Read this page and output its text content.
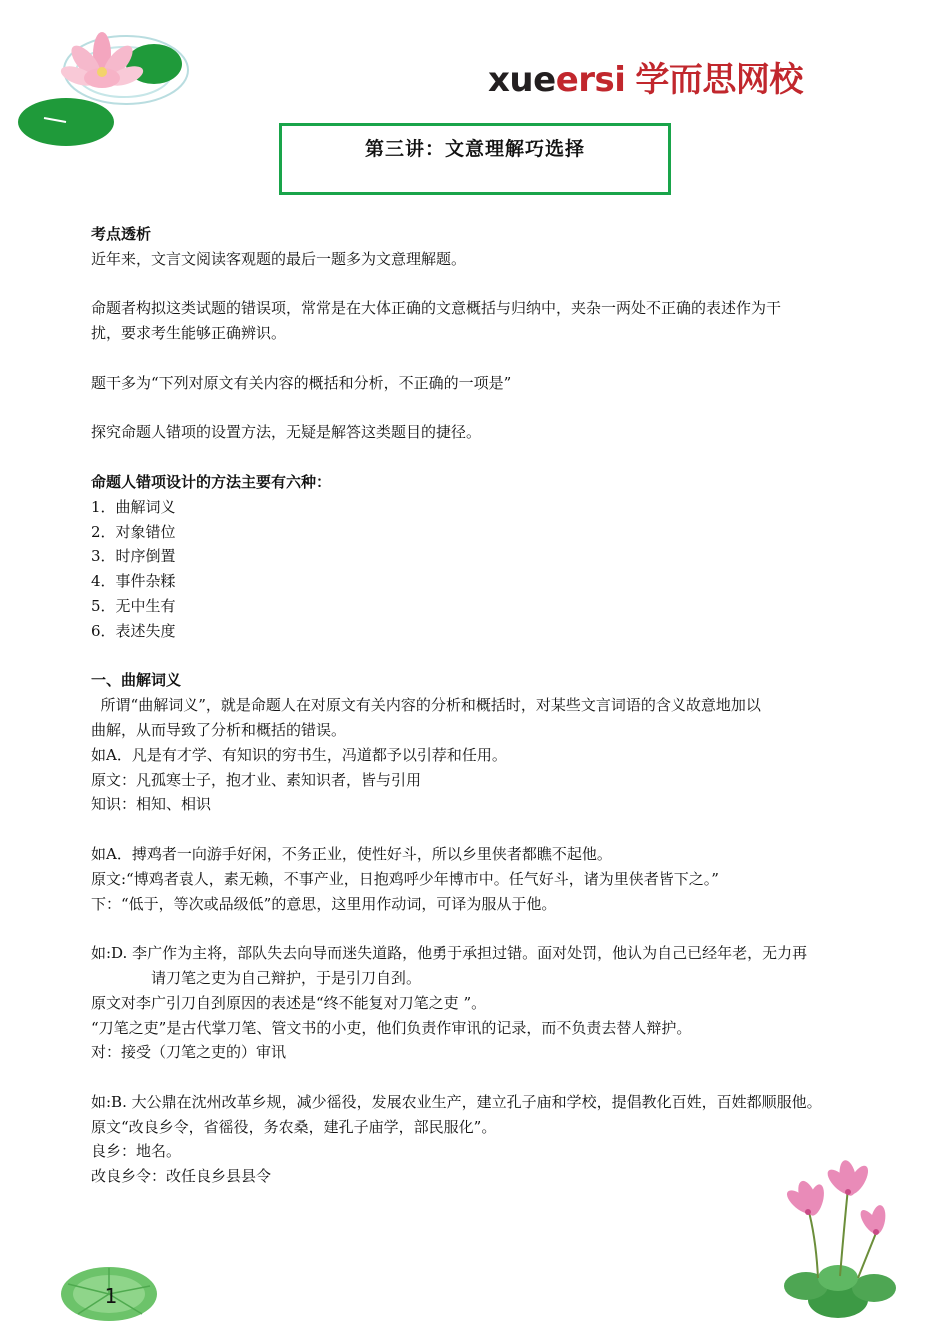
xueersi 学而思网校
第三讲：文意理解巧选择

考点透析

近年来，文言文阅读客观题的最后一题多为文意理解题。

命题者构拟这类试题的错误项，常常是在大体正确的文意概括与归纳中，夹杂一两处不正确的表述作为干

扰，要求考生能够正确辨识。

题干多为“下列对原文有关内容的概括和分析，不正确的一项是”

探究命题人错项的设置方法，无疑是解答这类题目的捷径。

命题人错项设计的方法主要有六种：

1．曲解词义

2．对象错位

3．时序倒置

4．事件杂糅

5．无中生有

6．表述失度

一、曲解词义

所谓“曲解词义”，就是命题人在对原文有关内容的分析和概括时，对某些文言词语的含义故意地加以

曲解，从而导致了分析和概括的错误。

如A．凡是有才学、有知识的穷书生，冯道都予以引荐和任用。

原文：凡孤寒士子，抱才业、素知识者，皆与引用

知识：相知、相识

如A．搏鸡者一向游手好闲，不务正业，使性好斗，所以乡里侠者都瞧不起他。

原文:“博鸡者袁人，素无赖，不事产业，日抱鸡呼少年博市中。任气好斗，诸为里侠者皆下之。”

下：“低于，等次或品级低”的意思，这里用作动词，可译为服从于他。

如:D. 李广作为主将，部队失去向导而迷失道路，他勇于承担过错。面对处罚，他认为自己已经年老，无力再

请刀笔之吏为自己辩护，于是引刀自刭。

原文对李广引刀自刭原因的表述是“终不能复对刀笔之吏 ”。

“刀笔之吏”是古代掌刀笔、管文书的小吏，他们负责作审讯的记录，而不负责去替人辩护。

对：接受（刀笔之吏的）审讯

如:B. 大公鼎在沈州改革乡规，减少徭役，发展农业生产，建立孔子庙和学校，提倡教化百姓，百姓都顺服他。

原文“改良乡令，省徭役，务农桑，建孔子庙学，部民服化”。

良乡：地名。

改良乡令：改任良乡县县令

1
